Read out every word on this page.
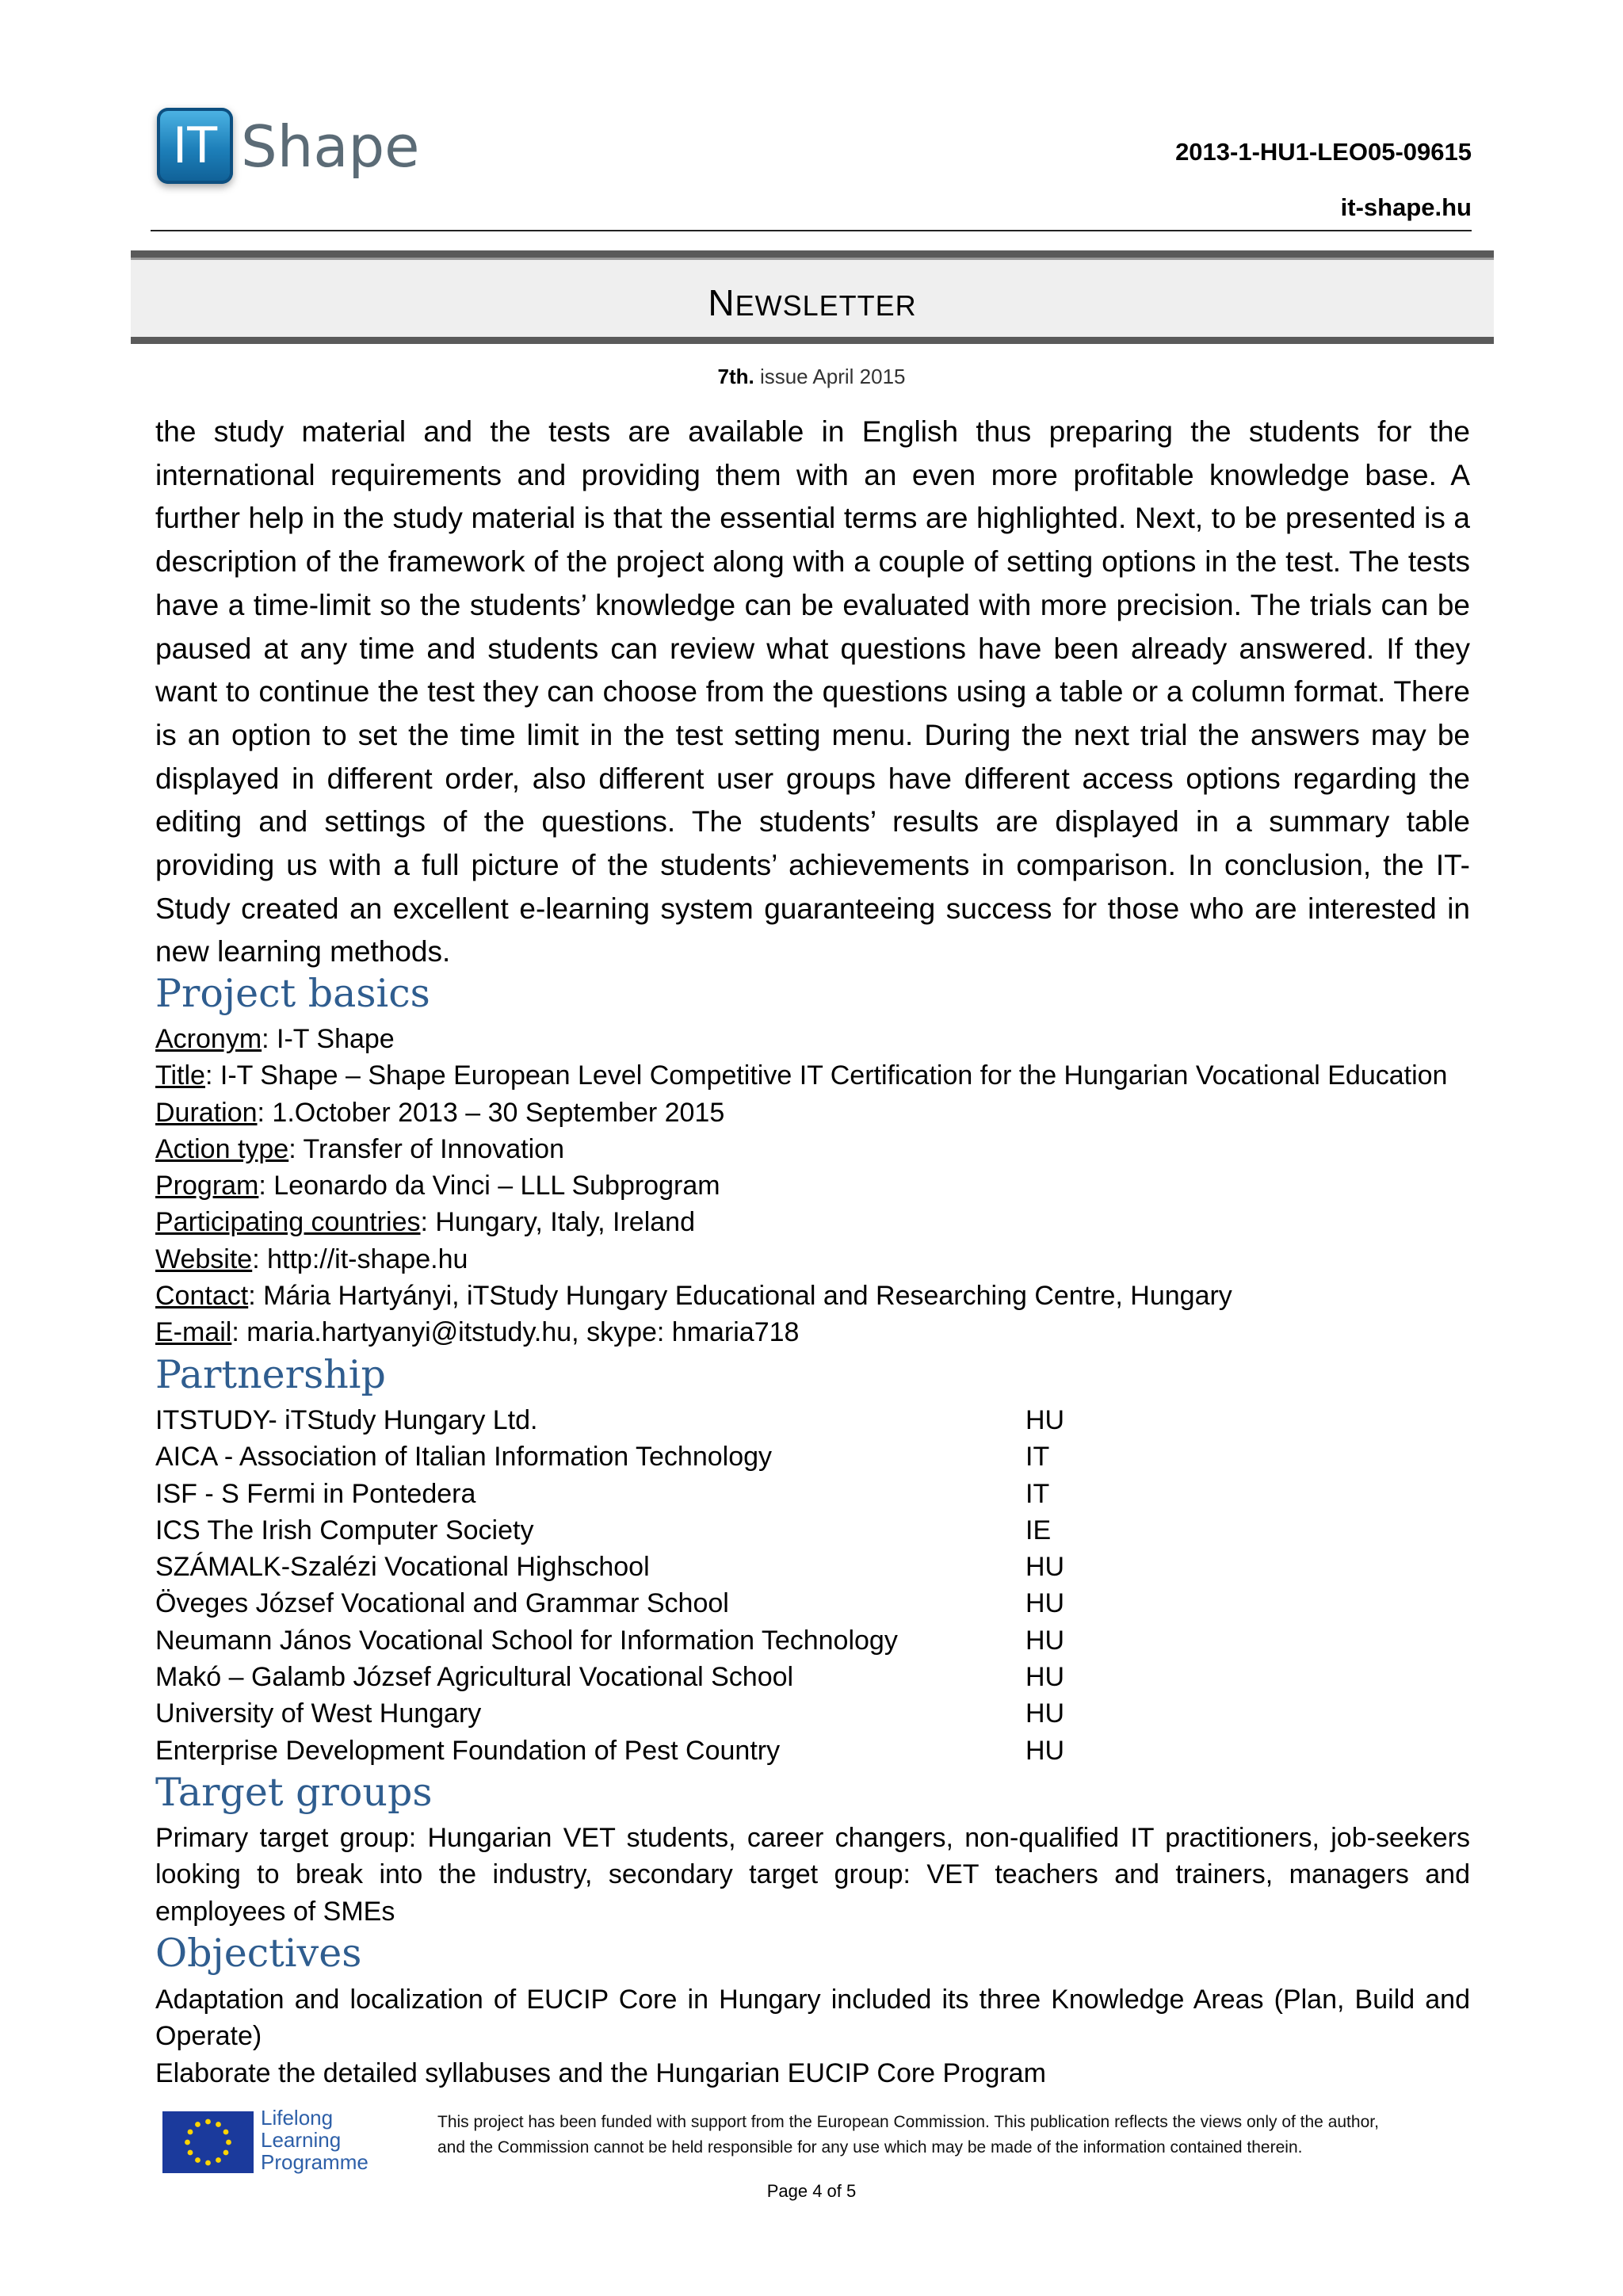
IT Shape	2013-1-HU1-LEO05-09615
it-shape.hu
NEWSLETTER
7th. issue April 2015
the study material and the tests are available in English thus preparing the students for the international requirements and providing them with an even more profitable knowledge base. A further help in the study material is that the essential terms are highlighted. Next, to be presented is a description of the framework of the project along with a couple of setting options in the test. The tests have a time-limit so the students’ knowledge can be evaluated with more precision. The trials can be paused at any time and students can review what questions have been already answered. If they want to continue the test they can choose from the questions using a table or a column format. There is an option to set the time limit in the test setting menu. During the next trial the answers may be displayed in different order, also different user groups have different access options regarding the editing and settings of the questions. The students’ results are displayed in a summary table providing us with a full picture of the students’ achievements in comparison. In conclusion, the IT-Study created an excellent e-learning system guaranteeing success for those who are interested in new learning methods.
Project basics
Acronym: I-T Shape
Title: I-T Shape – Shape European Level Competitive IT Certification for the Hungarian Vocational Education
Duration: 1.October 2013 – 30 September 2015
Action type: Transfer of Innovation
Program: Leonardo da Vinci – LLL Subprogram
Participating countries: Hungary, Italy, Ireland
Website: http://it-shape.hu
Contact: Mária Hartyányi, iTStudy Hungary Educational and Researching Centre, Hungary
E-mail: maria.hartyanyi@itstudy.hu, skype: hmaria718
Partnership
ITSTUDY- iTStudy Hungary Ltd.	HU
AICA - Association of Italian Information Technology	IT
ISF - S Fermi in Pontedera	IT
ICS The Irish Computer Society	IE
SZÁMALK-Szalézi Vocational Highschool	HU
Öveges József Vocational and Grammar School	HU
Neumann János Vocational School for Information Technology	HU
Makó – Galamb József Agricultural Vocational School	HU
University of West Hungary	HU
Enterprise Development Foundation of Pest Country	HU
Target groups
Primary target group: Hungarian VET students, career changers, non-qualified IT practitioners, job-seekers looking to break into the industry, secondary target group: VET teachers and trainers, managers and employees of SMEs
Objectives
Adaptation and localization of EUCIP Core in Hungary included its three Knowledge Areas (Plan, Build and Operate)
Elaborate the detailed syllabuses and the Hungarian EUCIP Core Program
Lifelong
Learning
Programme
This project has been funded with support from the European Commission. This publication reflects the views only of the author,
and the Commission cannot be held responsible for any use which may be made of the information contained therein.
Page 4 of 5
